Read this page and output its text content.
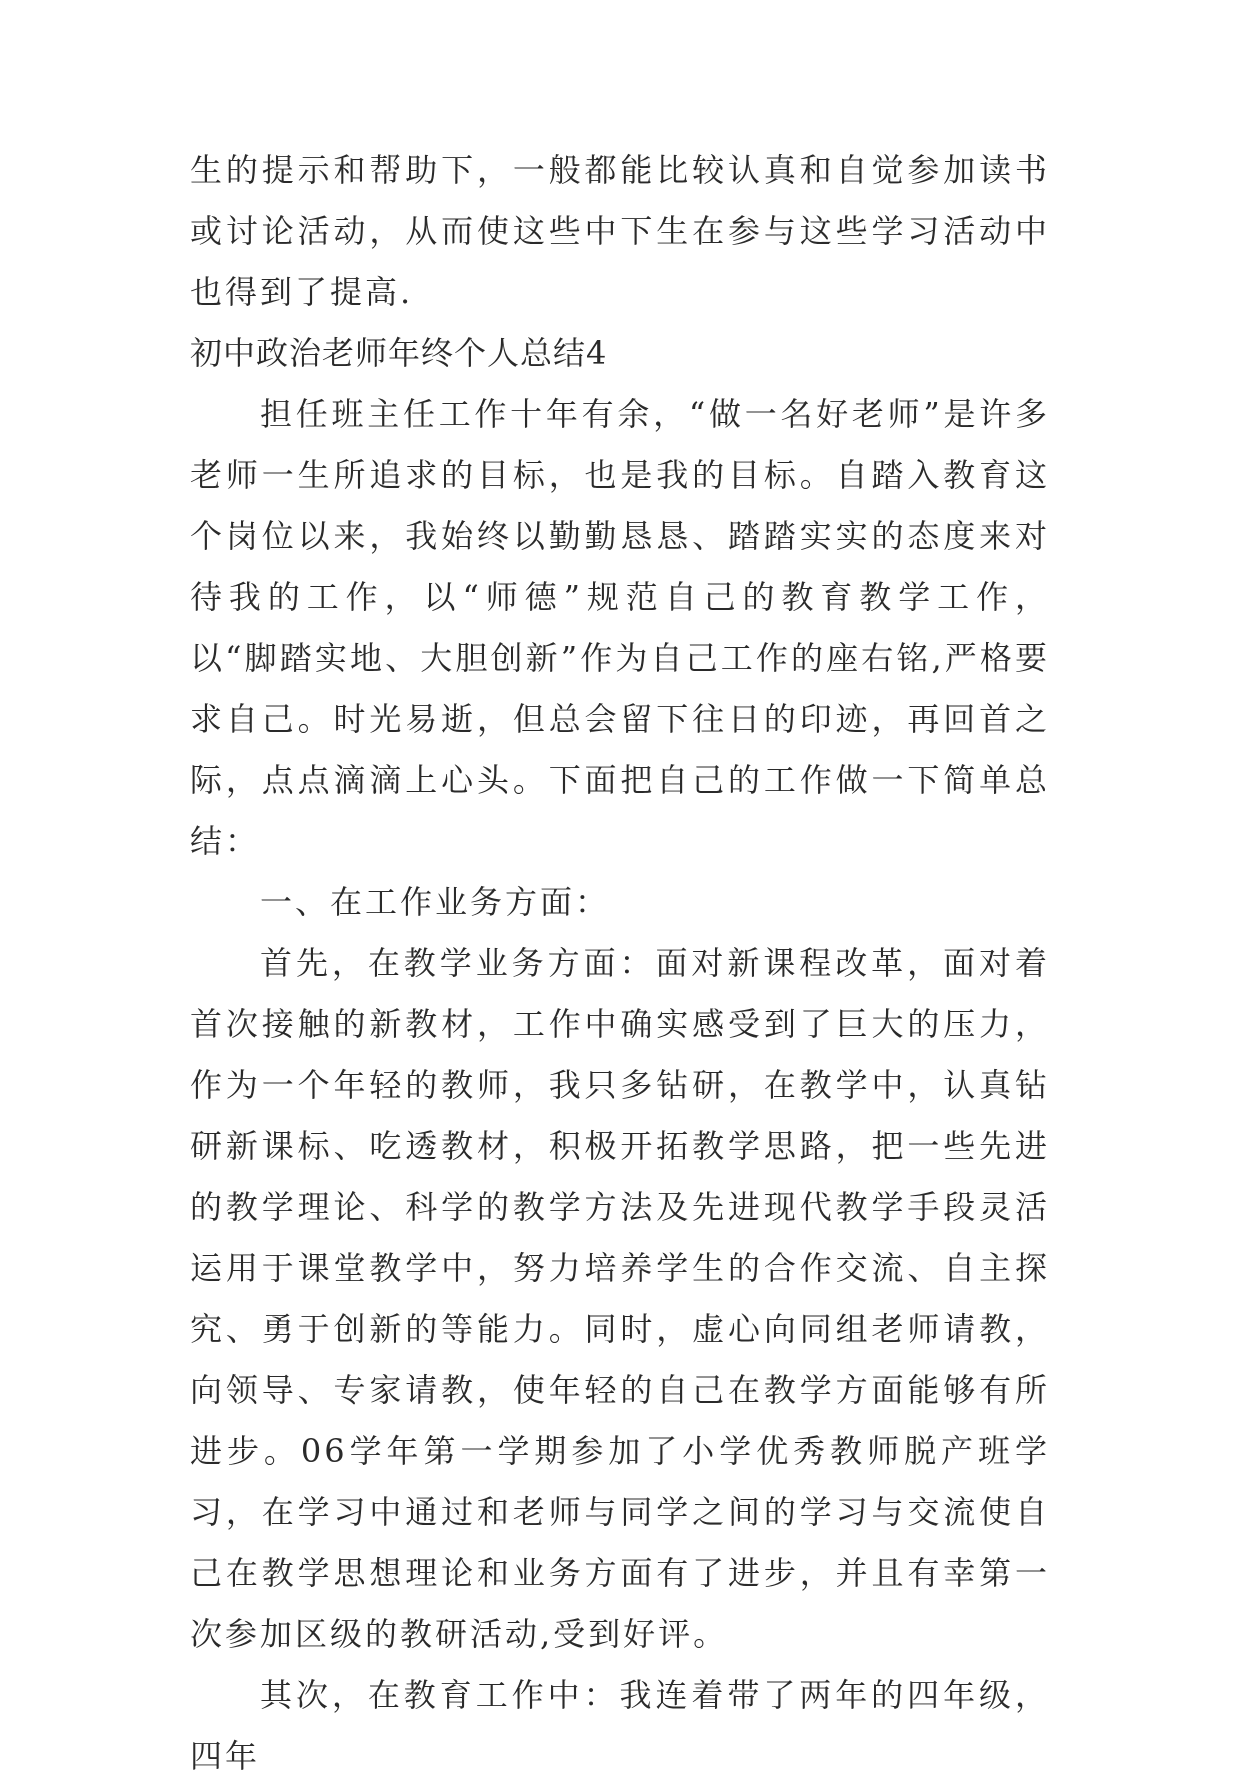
生的提示和帮助下，一般都能比较认真和自觉参加读书或讨论活动，从而使这些中下生在参与这些学习活动中也得到了提高.

初中政治老师年终个人总结4

担任班主任工作十年有余，“做一名好老师”是许多老师一生所追求的目标，也是我的目标。自踏入教育这个岗位以来，我始终以勤勤恳恳、踏踏实实的态度来对待我的工作，以“师德”规范自己的教育教学工作，以“脚踏实地、大胆创新”作为自己工作的座右铭,严格要求自己。时光易逝，但总会留下往日的印迹，再回首之际，点点滴滴上心头。下面把自己的工作做一下简单总结：

一、在工作业务方面：

首先，在教学业务方面：面对新课程改革，面对着首次接触的新教材，工作中确实感受到了巨大的压力，作为一个年轻的教师，我只多钻研，在教学中，认真钻研新课标、吃透教材，积极开拓教学思路，把一些先进的教学理论、科学的教学方法及先进现代教学手段灵活运用于课堂教学中，努力培养学生的合作交流、自主探究、勇于创新的等能力。同时，虚心向同组老师请教，向领导、专家请教，使年轻的自己在教学方面能够有所进步。06学年第一学期参加了小学优秀教师脱产班学习，在学习中通过和老师与同学之间的学习与交流使自己在教学思想理论和业务方面有了进步，并且有幸第一次参加区级的教研活动,受到好评。

其次，在教育工作中：我连着带了两年的四年级，四年
